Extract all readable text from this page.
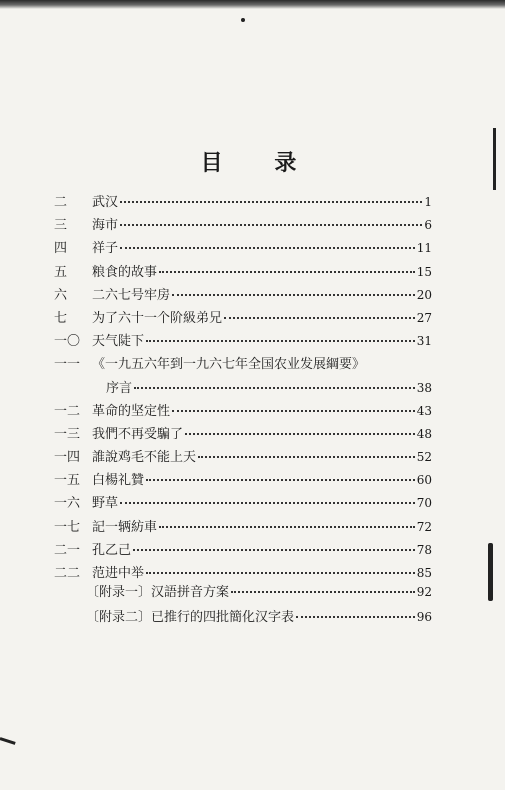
目 录
二	武汉	1
三	海市	6
四	祥子	11
五	粮食的故事	15
六	二六七号牢房	20
七	为了六十一个阶級弟兄	27
一〇 天气陡下	31
一一 《一九五六年到一九六七年全国农业发展綱要》
序言	38
一二 革命的坚定性	43
一三 我們不再受騙了	48
一四 誰說鸡毛不能上天	52
一五 白楊礼贊	60
一六 野草	70
一七 記一辆紡車	72
二一 孔乙己	78
二二 范进中举	85
〔附录一〕汉語拼音方案	92
〔附录二〕已推行的四批簡化汉字表	96
